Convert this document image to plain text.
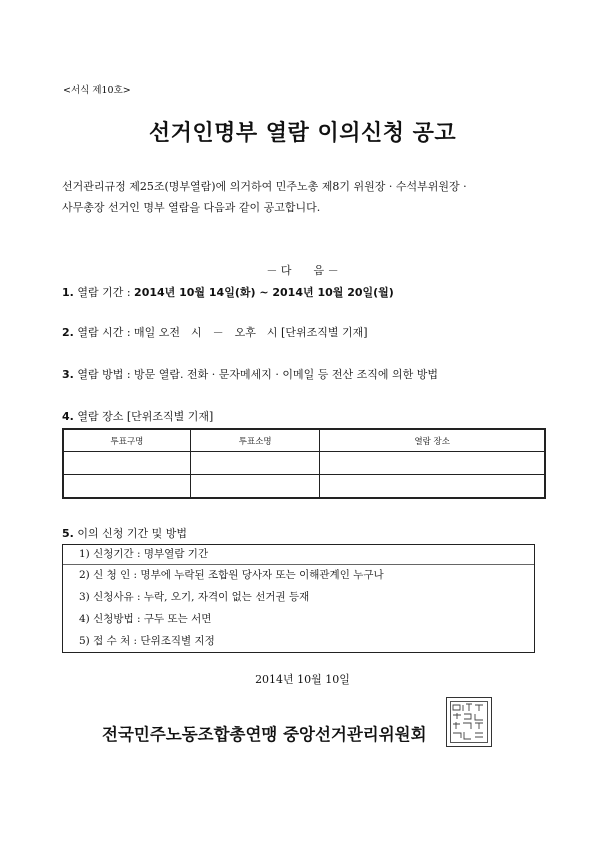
<서식 제10호>
선거인명부 열람 이의신청 공고
선거관리규정 제25조(명부열람)에 의거하여 민주노총 제8기 위원장 · 수석부위원장 ·
사무총장 선거인 명부 열람을 다음과 같이 공고합니다.
－ 다　　음 －
1. 열람 기간 : 2014년 10월 14일(화) ~ 2014년 10월 20일(월)
2. 열람 시간 : 매일 오전　시　－　오후　시 [단위조직별 기재]
3. 열람 방법 : 방문 열람. 전화 · 문자메세지 · 이메일 등 전산 조직에 의한 방법
4. 열람 장소 [단위조직별 기재]
투표구명	투표소명	열람 장소

5. 이의 신청 기간 및 방법
1) 신청기간 : 명부열람 기간
2) 신 청 인 : 명부에 누락된 조합원 당사자 또는 이해관계인 누구나
3) 신청사유 : 누락, 오기, 자격이 없는 선거권 등재
4) 신청방법 : 구두 또는 서면
5) 접 수 처 : 단위조직별 지정
2014년 10월 10일
전국민주노동조합총연맹 중앙선거관리위원회
